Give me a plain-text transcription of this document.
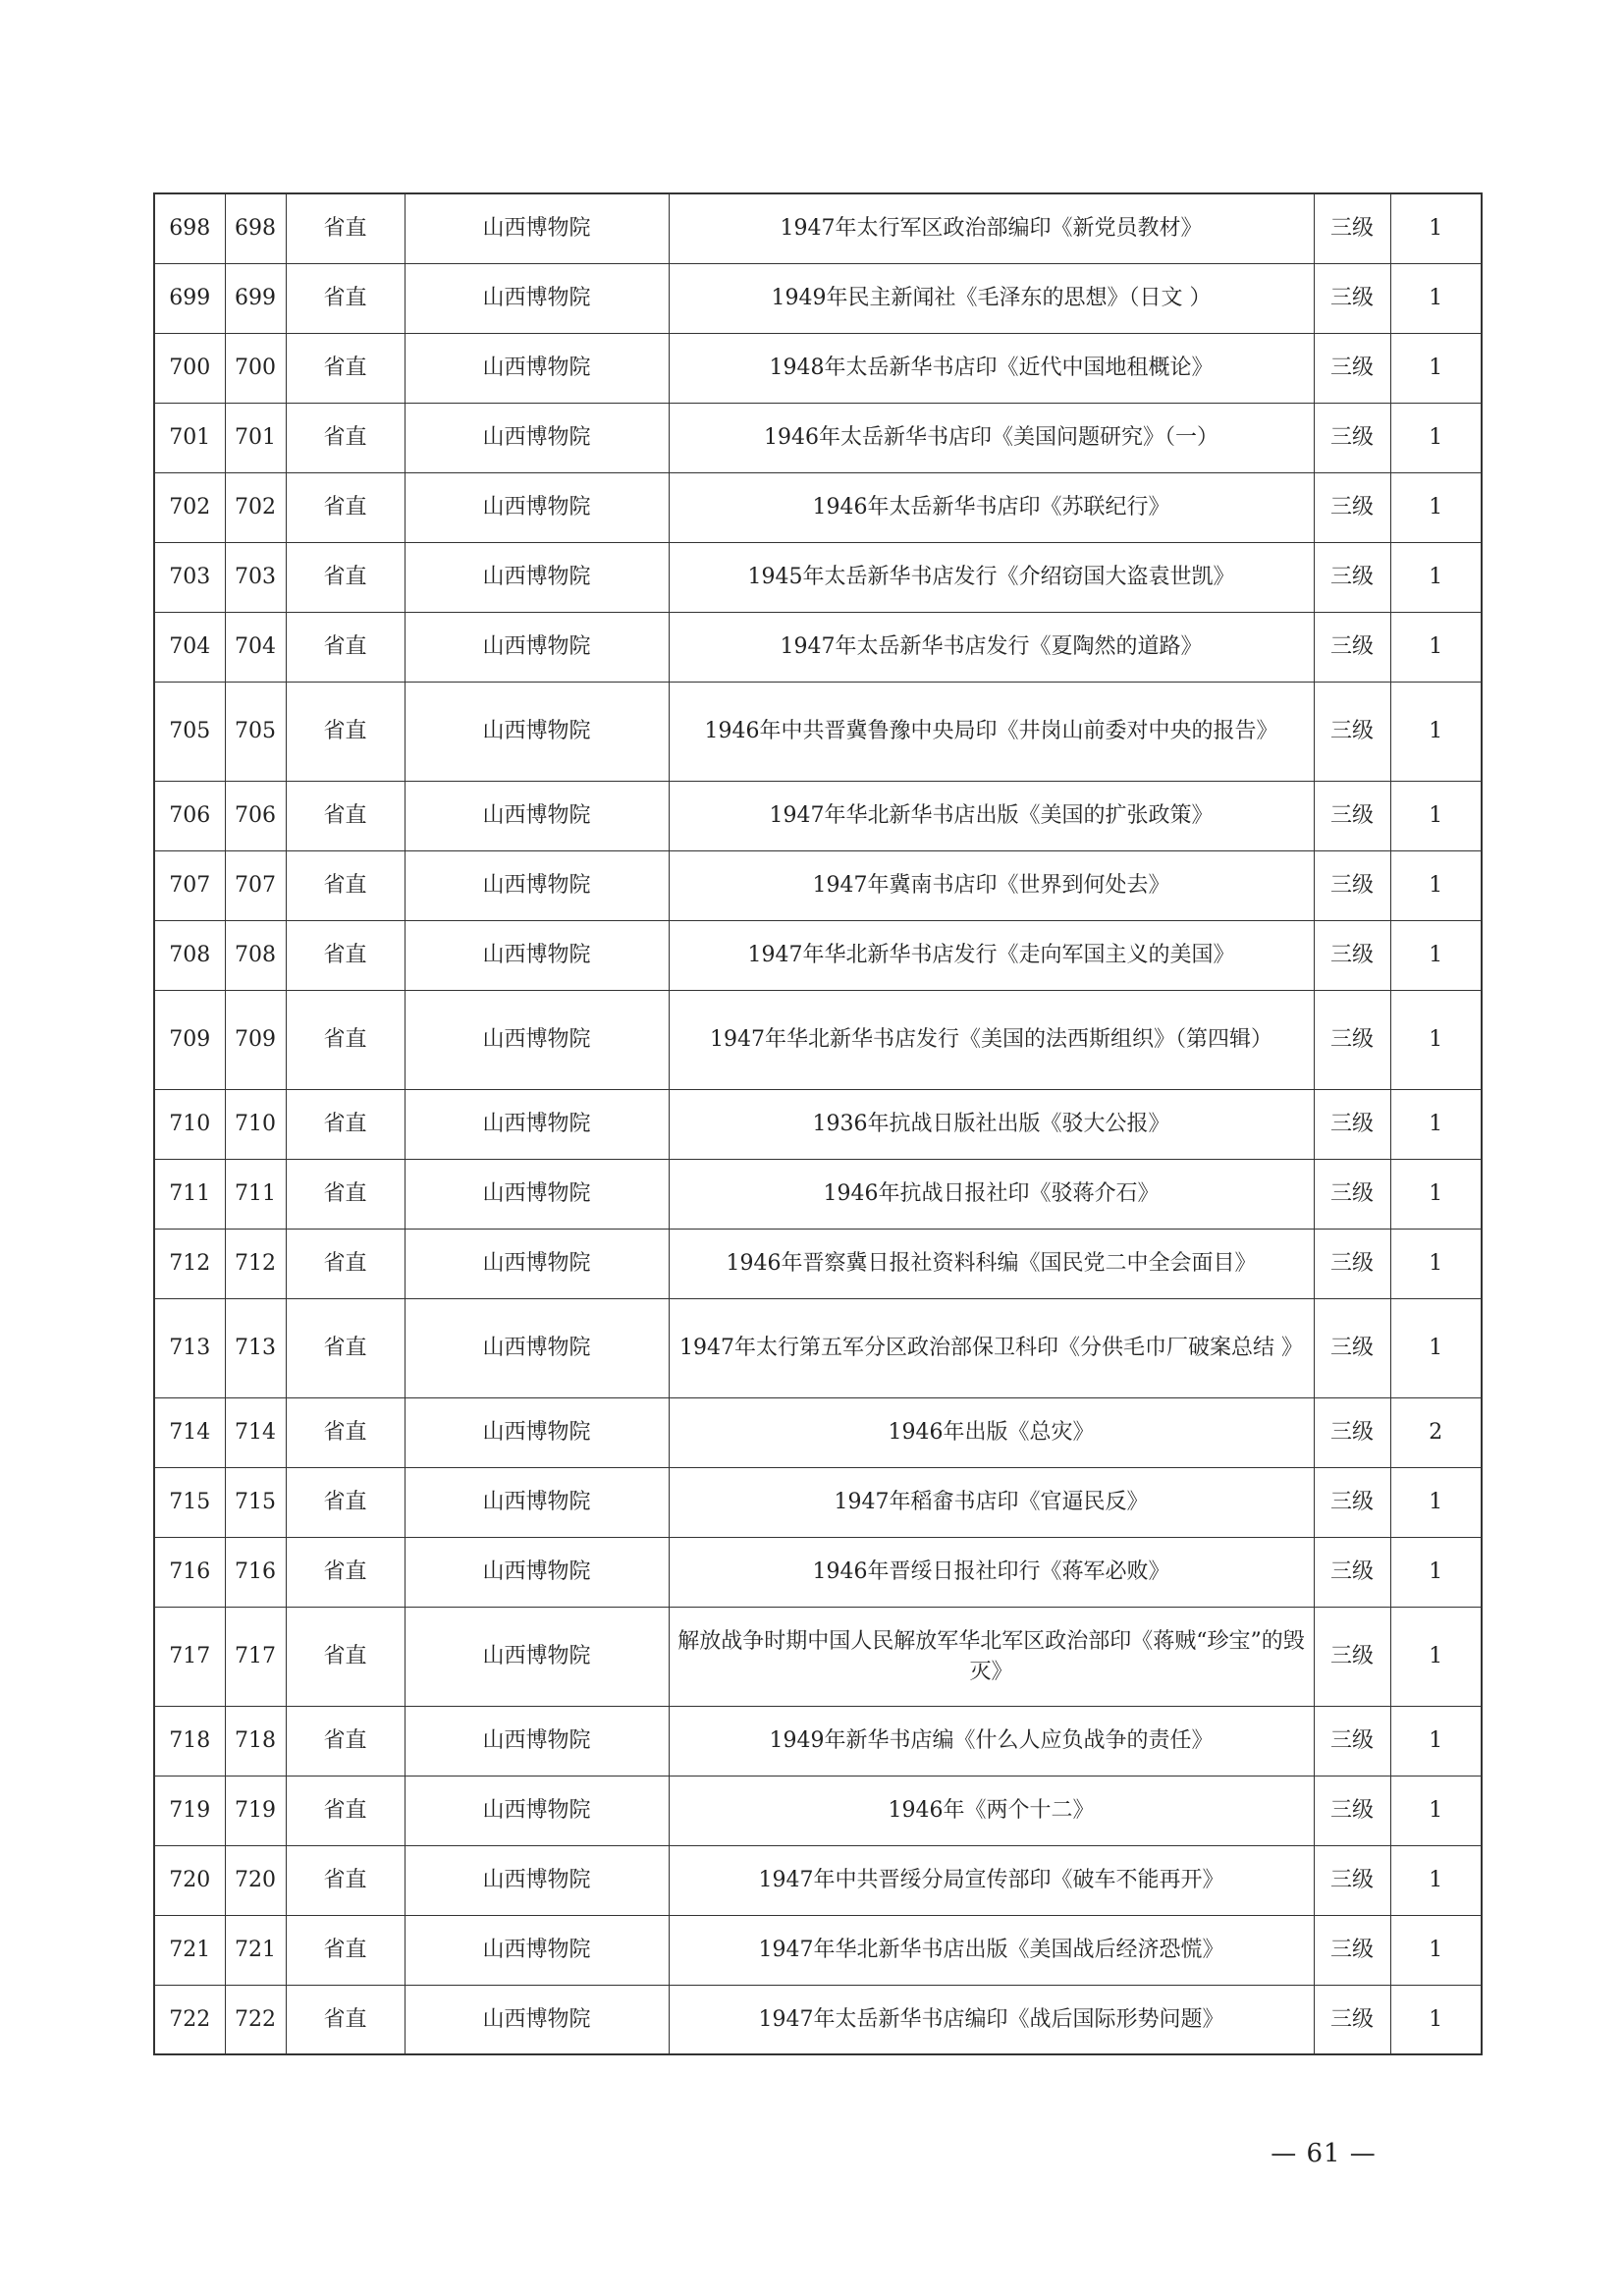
698	698	省直	山西博物院	1947年太行军区政治部编印《新党员教材》	三级	1
699	699	省直	山西博物院	1949年民主新闻社《毛泽东的思想》（日文 ）	三级	1
700	700	省直	山西博物院	1948年太岳新华书店印《近代中国地租概论》	三级	1
701	701	省直	山西博物院	1946年太岳新华书店印《美国问题研究》（一）	三级	1
702	702	省直	山西博物院	1946年太岳新华书店印《苏联纪行》	三级	1
703	703	省直	山西博物院	1945年太岳新华书店发行《介绍窃国大盗袁世凯》	三级	1
704	704	省直	山西博物院	1947年太岳新华书店发行《夏陶然的道路》	三级	1
705	705	省直	山西博物院	1946年中共晋冀鲁豫中央局印《井岗山前委对中央的报告》	三级	1
706	706	省直	山西博物院	1947年华北新华书店出版《美国的扩张政策》	三级	1
707	707	省直	山西博物院	1947年冀南书店印《世界到何处去》	三级	1
708	708	省直	山西博物院	1947年华北新华书店发行《走向军国主义的美国》	三级	1
709	709	省直	山西博物院	1947年华北新华书店发行《美国的法西斯组织》（第四辑）	三级	1
710	710	省直	山西博物院	1936年抗战日版社出版《驳大公报》	三级	1
711	711	省直	山西博物院	1946年抗战日报社印《驳蒋介石》	三级	1
712	712	省直	山西博物院	1946年晋察冀日报社资料科编《国民党二中全会面目》	三级	1
713	713	省直	山西博物院	1947年太行第五军分区政治部保卫科印《分供毛巾厂破案总结 》	三级	1
714	714	省直	山西博物院	1946年出版《总灾》	三级	2
715	715	省直	山西博物院	1947年稻畲书店印《官逼民反》	三级	1
716	716	省直	山西博物院	1946年晋绥日报社印行《蒋军必败》	三级	1
717	717	省直	山西博物院	解放战争时期中国人民解放军华北军区政治部印《蒋贼“珍宝”的毁灭》	三级	1
718	718	省直	山西博物院	1949年新华书店编《什么人应负战争的责任》	三级	1
719	719	省直	山西博物院	1946年《两个十二》	三级	1
720	720	省直	山西博物院	1947年中共晋绥分局宣传部印《破车不能再开》	三级	1
721	721	省直	山西博物院	1947年华北新华书店出版《美国战后经济恐慌》	三级	1
722	722	省直	山西博物院	1947年太岳新华书店编印《战后国际形势问题》	三级	1
— 61 —
